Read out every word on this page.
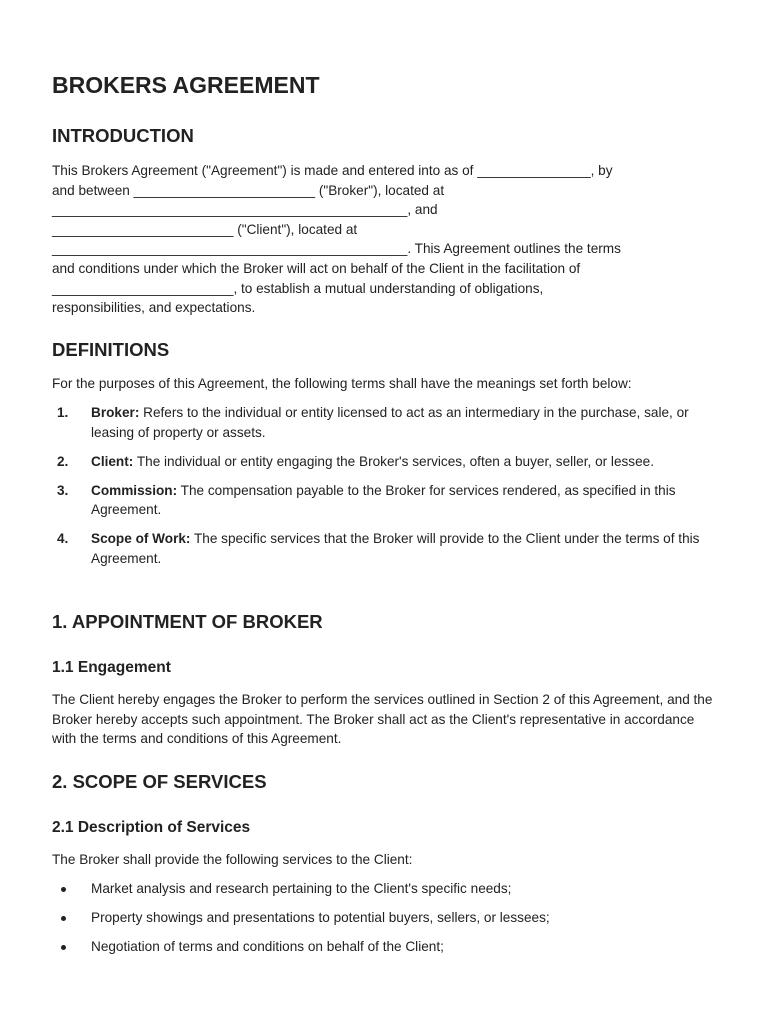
BROKERS AGREEMENT
INTRODUCTION

This Brokers Agreement ("Agreement") is made and entered into as of _______________, by

and between ________________________ ("Broker"), located at

_______________________________________________, and

________________________ ("Client"), located at

_______________________________________________. This Agreement outlines the terms

and conditions under which the Broker will act on behalf of the Client in the facilitation of

________________________, to establish a mutual understanding of obligations,

responsibilities, and expectations.

DEFINITIONS

For the purposes of this Agreement, the following terms shall have the meanings set forth below:

1. Broker: Refers to the individual or entity licensed to act as an intermediary in the purchase, sale, or leasing of property or assets.
2. Client: The individual or entity engaging the Broker's services, often a buyer, seller, or lessee.
3. Commission: The compensation payable to the Broker for services rendered, as specified in this Agreement.
4. Scope of Work: The specific services that the Broker will provide to the Client under the terms of this Agreement.
1. APPOINTMENT OF BROKER
1.1 Engagement

The Client hereby engages the Broker to perform the services outlined in Section 2 of this Agreement, and the Broker hereby accepts such appointment. The Broker shall act as the Client's representative in accordance with the terms and conditions of this Agreement.

2. SCOPE OF SERVICES
2.1 Description of Services

The Broker shall provide the following services to the Client:

Market analysis and research pertaining to the Client's specific needs;
Property showings and presentations to potential buyers, sellers, or lessees;
Negotiation of terms and conditions on behalf of the Client;
